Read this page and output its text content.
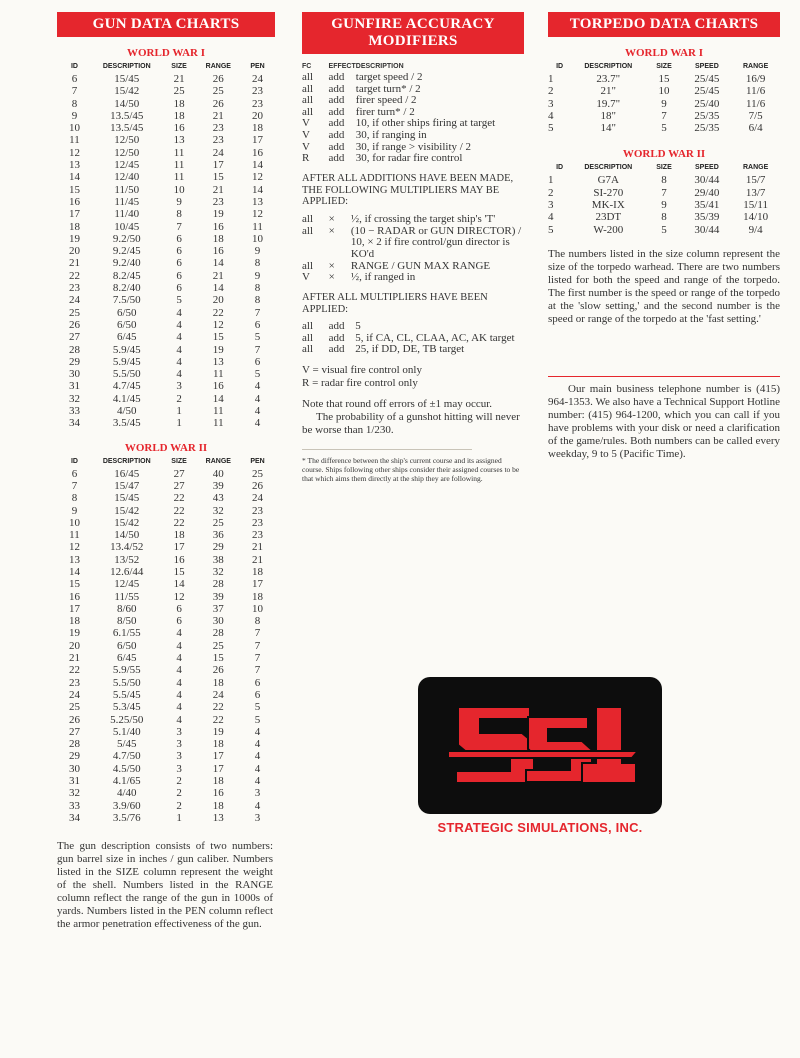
GUN DATA CHARTS
WORLD WAR I
ID	DESCRIPTION	SIZE	RANGE	PEN
6	15/45	21	26	24
7	15/42	25	25	23
8	14/50	18	26	23
9	13.5/45	18	21	20
10	13.5/45	16	23	18
11	12/50	13	23	17
12	12/50	11	24	16
13	12/45	11	17	14
14	12/40	11	15	12
15	11/50	10	21	14
16	11/45	9	23	13
17	11/40	8	19	12
18	10/45	7	16	11
19	9.2/50	6	18	10
20	9.2/45	6	16	9
21	9.2/40	6	14	8
22	8.2/45	6	21	9
23	8.2/40	6	14	8
24	7.5/50	5	20	8
25	6/50	4	22	7
26	6/50	4	12	6
27	6/45	4	15	5
28	5.9/45	4	19	7
29	5.9/45	4	13	6
30	5.5/50	4	11	5
31	4.7/45	3	16	4
32	4.1/45	2	14	4
33	4/50	1	11	4
34	3.5/45	1	11	4
WORLD WAR II
ID	DESCRIPTION	SIZE	RANGE	PEN
6	16/45	27	40	25
7	15/47	27	39	26
8	15/45	22	43	24
9	15/42	22	32	23
10	15/42	22	25	23
11	14/50	18	36	23
12	13.4/52	17	29	21
13	13/52	16	38	21
14	12.6/44	15	32	18
15	12/45	14	28	17
16	11/55	12	39	18
17	8/60	6	37	10
18	8/50	6	30	8
19	6.1/55	4	28	7
20	6/50	4	25	7
21	6/45	4	15	7
22	5.9/55	4	26	7
23	5.5/50	4	18	6
24	5.5/45	4	24	6
25	5.3/45	4	22	5
26	5.25/50	4	22	5
27	5.1/40	3	19	4
28	5/45	3	18	4
29	4.7/50	3	17	4
30	4.5/50	3	17	4
31	4.1/65	2	18	4
32	4/40	2	16	3
33	3.9/60	2	18	4
34	3.5/76	1	13	3
The gun description consists of two numbers: gun barrel size in inches / gun caliber. Numbers listed in the SIZE column represent the weight of the shell. Numbers listed in the RANGE column reflect the range of the gun in 1000s of yards. Numbers listed in the PEN column reflect the armor penetration effectiveness of the gun.
GUNFIRE ACCURACY
MODIFIERS
FC	EFFECT	DESCRIPTION
all	add	target speed / 2
all	add	target turn* / 2
all	add	firer speed / 2
all	add	firer turn* / 2
V	add	10, if other ships firing at target
V	add	30, if ranging in
V	add	30, if range > visibility / 2
R	add	30, for radar fire control
AFTER ALL ADDITIONS HAVE BEEN MADE, THE FOLLOWING MULTIPLIERS MAY BE APPLIED:
all	×	½, if crossing the target ship's 'T'
all	×	(10 − RADAR or GUN DIRECTOR) / 10, × 2 if fire control/gun director is KO'd
all	×	RANGE / GUN MAX RANGE
V	×	½, if ranged in
AFTER ALL MULTIPLIERS HAVE BEEN APPLIED:
all	add	5
all	add	5, if CA, CL, CLAA, AC, AK target
all	add	25, if DD, DE, TB target
V = visual fire control only
R = radar fire control only
Note that round off errors of ±1 may occur.
The probability of a gunshot hitting will never be worse than 1/230.
* The difference between the ship's current course and its assigned course. Ships following other ships consider their assigned courses to be that which aims them directly at the ship they are following.
TORPEDO DATA CHARTS
WORLD WAR I
ID	DESCRIPTION	SIZE	SPEED	RANGE
1	23.7"	15	25/45	16/9
2	21"	10	25/45	11/6
3	19.7"	9	25/40	11/6
4	18"	7	25/35	7/5
5	14"	5	25/35	6/4
WORLD WAR II
ID	DESCRIPTION	SIZE	SPEED	RANGE
1	G7A	8	30/44	15/7
2	SI-270	7	29/40	13/7
3	MK-IX	9	35/41	15/11
4	23DT	8	35/39	14/10
5	W-200	5	30/44	9/4
The numbers listed in the size column represent the size of the torpedo warhead. There are two numbers listed for both the speed and range of the torpedo. The first number is the speed or range of the torpedo at the 'slow setting,' and the second number is the speed or range of the torpedo at the 'fast setting.'
Our main business telephone number is (415) 964-1353. We also have a Technical Support Hotline number: (415) 964-1200, which you can call if you have problems with your disk or need a clarification of the game/rules. Both numbers can be called every weekday, 9 to 5 (Pacific Time).
STRATEGIC SIMULATIONS, INC.
